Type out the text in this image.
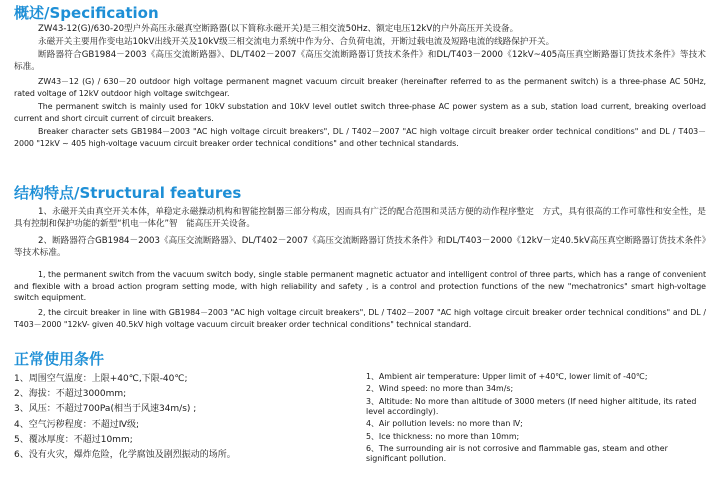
概述/Specification

ZW43-12(G)/630-20型户外高压永磁真空断路器(以下简称永磁开关)是三相交流50Hz、额定电压12kV的户外高压开关设备。

永磁开关主要用作变电站10kV出线开关及10kV级三相交流电力系统中作为分、合负荷电流，开断过载电流及短路电流的线路保护开关。

断路器符合GB1984－2003《高压交流断路器》、DL/T402－2007《高压交流断路器订货技术条件》和DL/T403－2000《12kV~405高压真空断路器订货技术条件》等技术标准。

ZW43－12 (G) / 630－20 outdoor high voltage permanent magnet vacuum circuit breaker (hereinafter referred to as the permanent switch) is a three-phase AC 50Hz, rated voltage of 12kV outdoor high voltage switchgear.

The permanent switch is mainly used for 10kV substation and 10kV level outlet switch three-phase AC power system as a sub, station load current, breaking overload current and short circuit current of circuit breakers.

Breaker character sets GB1984－2003 "AC high voltage circuit breakers", DL / T402－2007 "AC high voltage circuit breaker order technical conditions" and DL / T403－2000 "12kV ~ 405 high-voltage vacuum circuit breaker order technical conditions" and other technical standards.

结构特点/Structural features

1、永磁开关由真空开关本体，单稳定永磁操动机构和智能控制器三部分构成，因而具有广泛的配合范围和灵活方便的动作程序整定　方式，具有很高的工作可靠性和安全性，是具有控制和保护功能的新型“机电一体化”智　能高压开关设备。

2、断路器符合GB1984－2003《高压交流断路器》、DL/T402－2007《高压交流断路器订货技术条件》和DL/T403－2000《12kV－定40.5kV高压真空断路器订货技术条件》等技术标准。

1, the permanent switch from the vacuum switch body, single stable permanent magnetic actuator and intelligent control of three parts, which has a range of convenient and flexible with a broad action program setting mode, with high reliability and safety , is a control and protection functions of the new "mechatronics" smart high-voltage switch equipment.

2, the circuit breaker in line with GB1984－2003 "AC high voltage circuit breakers", DL / T402－2007 "AC high voltage circuit breaker order technical conditions" and DL / T403－2000 "12kV- given 40.5kV high voltage vacuum circuit breaker order technical conditions" technical standard.

正常使用条件

1、周围空气温度：上限+40℃,下限-40℃;

2、海拔：不超过3000mm;

3、风压：不超过700Pa(相当于风速34m/s) ;

4、空气污秽程度：不超过Ⅳ级;

5、覆冰厚度：不超过10mm;

6、没有火灾，爆炸危险，化学腐蚀及剧烈振动的场所。

1、Ambient air temperature: Upper limit of +40℃, lower limit of -40℃;

2、Wind speed: no more than 34m/s;

3、Altitude: No more than altitude of 3000 meters (If need higher altitude, its rated level accordingly).

4、Air pollution levels: no more than Ⅳ;

5、Ice thickness: no more than 10mm;

6、The surrounding air is not corrosive and flammable gas, steam and other significant pollution.
